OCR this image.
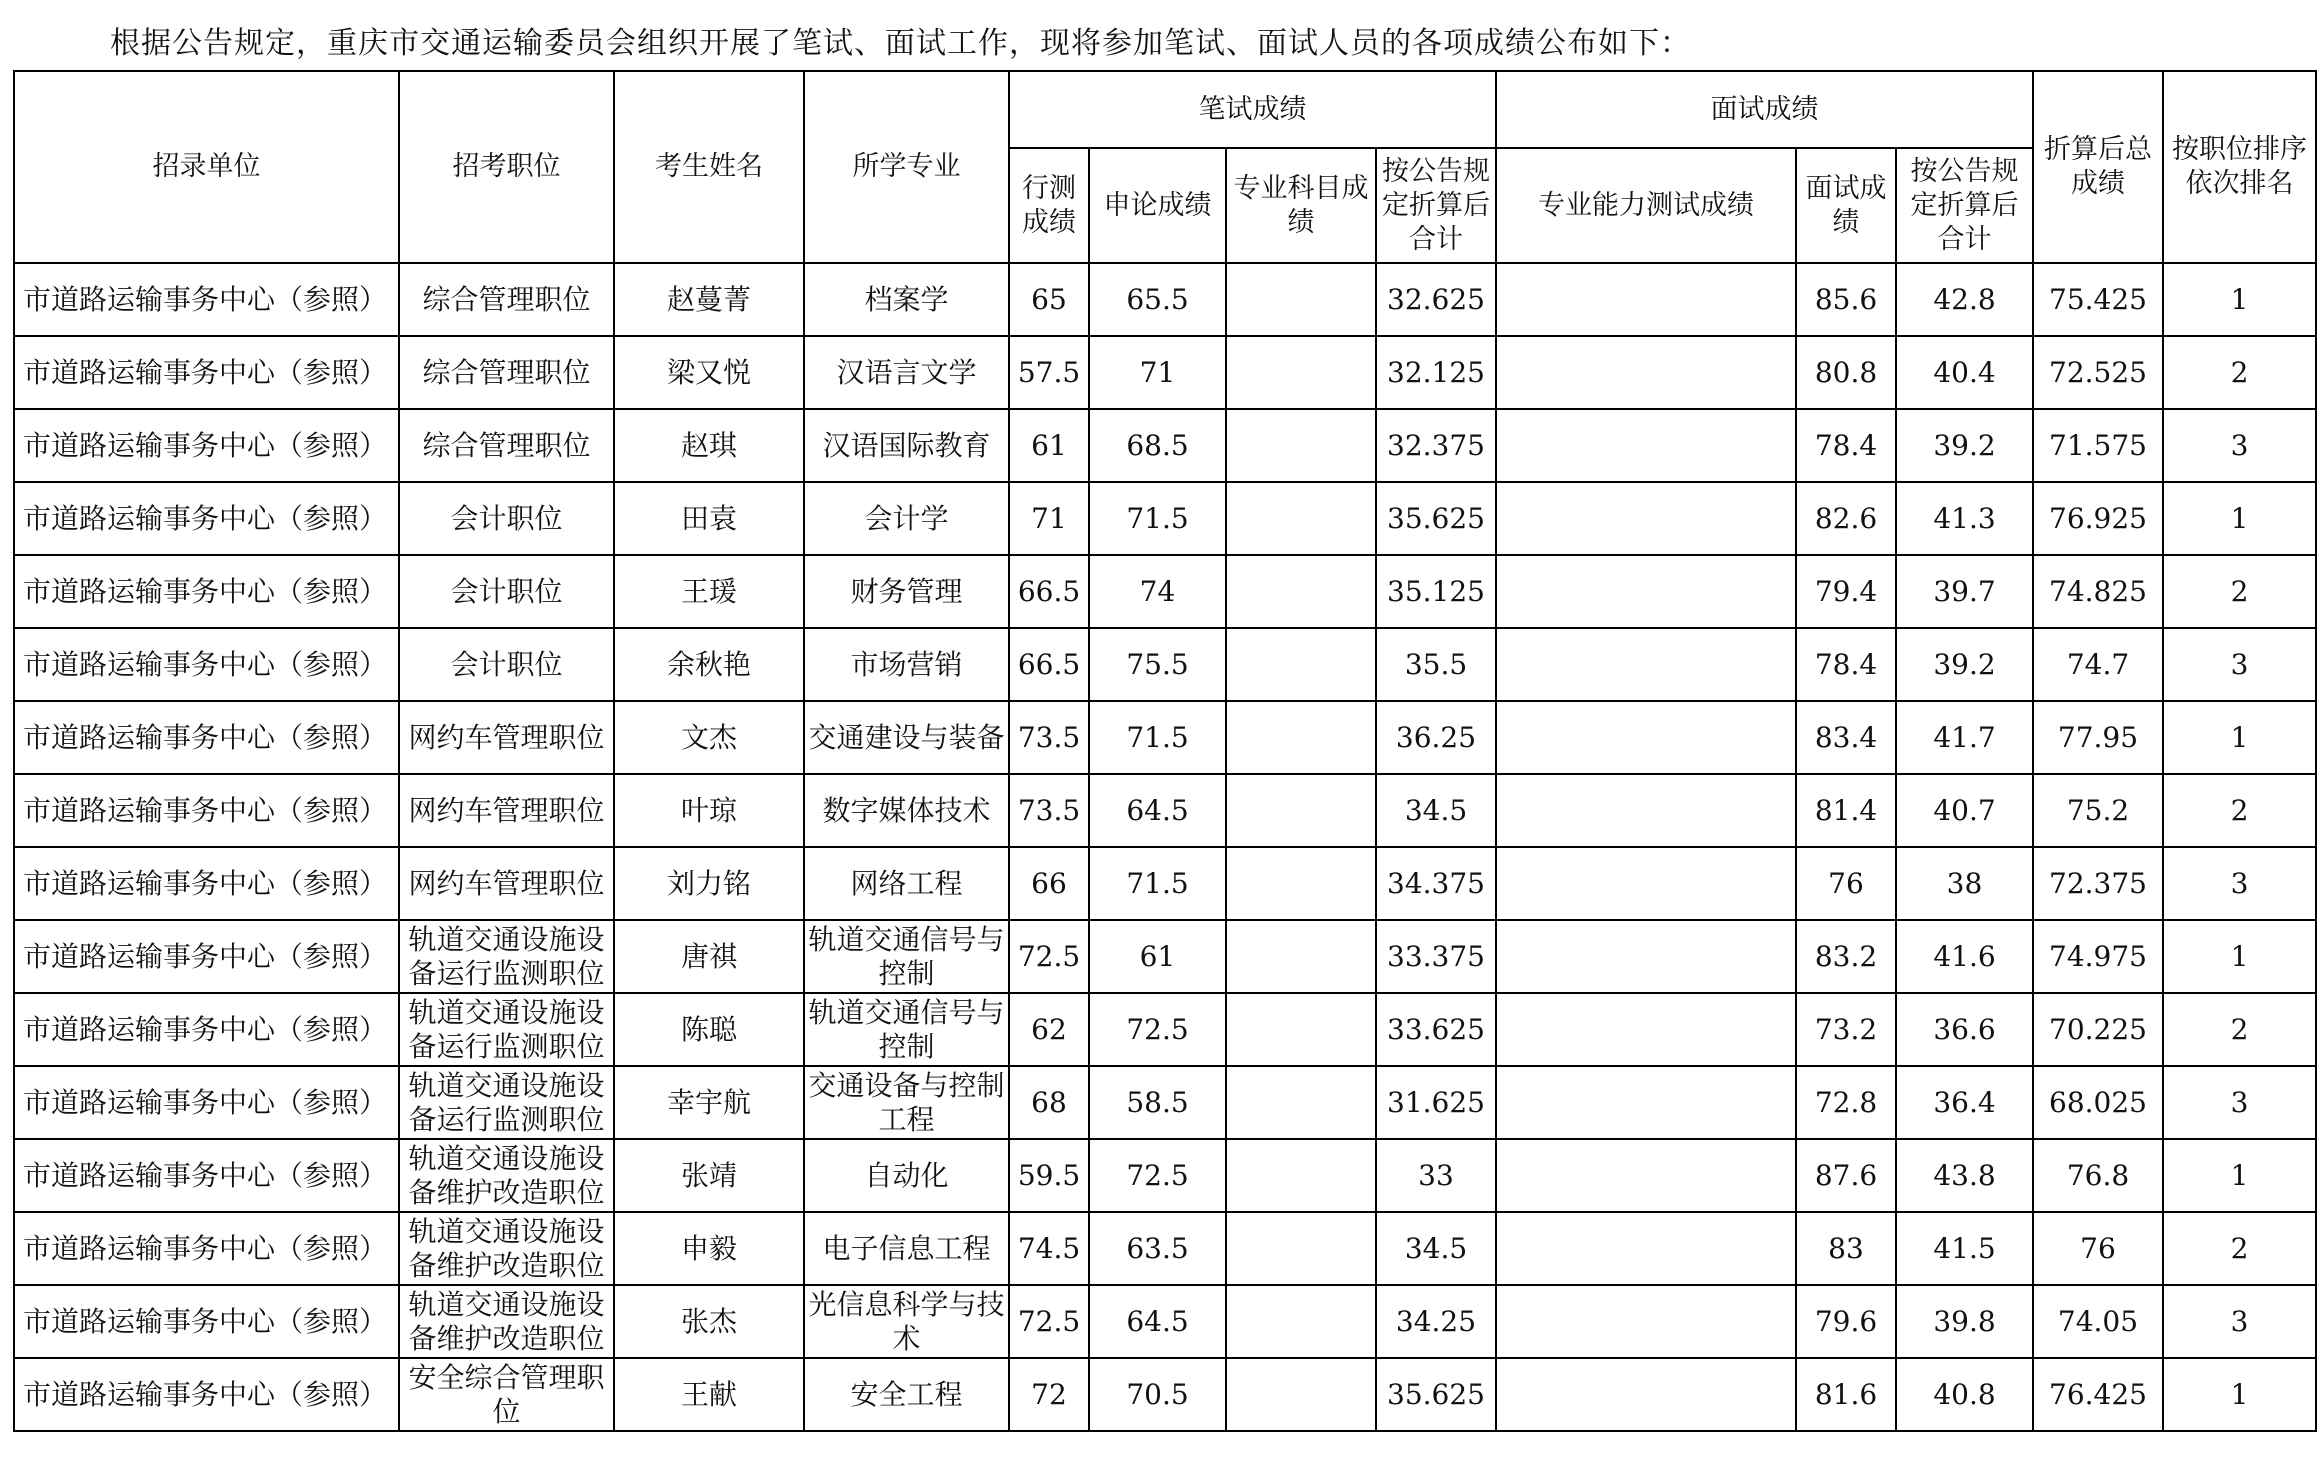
根据公告规定，重庆市交通运输委员会组织开展了笔试、面试工作，现将参加笔试、面试人员的各项成绩公布如下：
招录单位	招考职位	考生姓名	所学专业	笔试成绩				面试成绩			折算后总成绩	按职位排序依次排名
				行测成绩	申论成绩	专业科目成绩	按公告规定折算后合计	专业能力测试成绩	面试成绩	按公告规定折算后合计		
市道路运输事务中心（参照）	综合管理职位	赵蔓菁	档案学	65	65.5		32.625		85.6	42.8	75.425	1
市道路运输事务中心（参照）	综合管理职位	梁又悦	汉语言文学	57.5	71		32.125		80.8	40.4	72.525	2
市道路运输事务中心（参照）	综合管理职位	赵琪	汉语国际教育	61	68.5		32.375		78.4	39.2	71.575	3
市道路运输事务中心（参照）	会计职位	田袁	会计学	71	71.5		35.625		82.6	41.3	76.925	1
市道路运输事务中心（参照）	会计职位	王瑗	财务管理	66.5	74		35.125		79.4	39.7	74.825	2
市道路运输事务中心（参照）	会计职位	余秋艳	市场营销	66.5	75.5		35.5		78.4	39.2	74.7	3
市道路运输事务中心（参照）	网约车管理职位	文杰	交通建设与装备	73.5	71.5		36.25		83.4	41.7	77.95	1
市道路运输事务中心（参照）	网约车管理职位	叶琼	数字媒体技术	73.5	64.5		34.5		81.4	40.7	75.2	2
市道路运输事务中心（参照）	网约车管理职位	刘力铭	网络工程	66	71.5		34.375		76	38	72.375	3
市道路运输事务中心（参照）	轨道交通设施设备运行监测职位	唐祺	轨道交通信号与控制	72.5	61		33.375		83.2	41.6	74.975	1
市道路运输事务中心（参照）	轨道交通设施设备运行监测职位	陈聪	轨道交通信号与控制	62	72.5		33.625		73.2	36.6	70.225	2
市道路运输事务中心（参照）	轨道交通设施设备运行监测职位	幸宇航	交通设备与控制工程	68	58.5		31.625		72.8	36.4	68.025	3
市道路运输事务中心（参照）	轨道交通设施设备维护改造职位	张靖	自动化	59.5	72.5		33		87.6	43.8	76.8	1
市道路运输事务中心（参照）	轨道交通设施设备维护改造职位	申毅	电子信息工程	74.5	63.5		34.5		83	41.5	76	2
市道路运输事务中心（参照）	轨道交通设施设备维护改造职位	张杰	光信息科学与技术	72.5	64.5		34.25		79.6	39.8	74.05	3
市道路运输事务中心（参照）	安全综合管理职位	王献	安全工程	72	70.5		35.625		81.6	40.8	76.425	1
